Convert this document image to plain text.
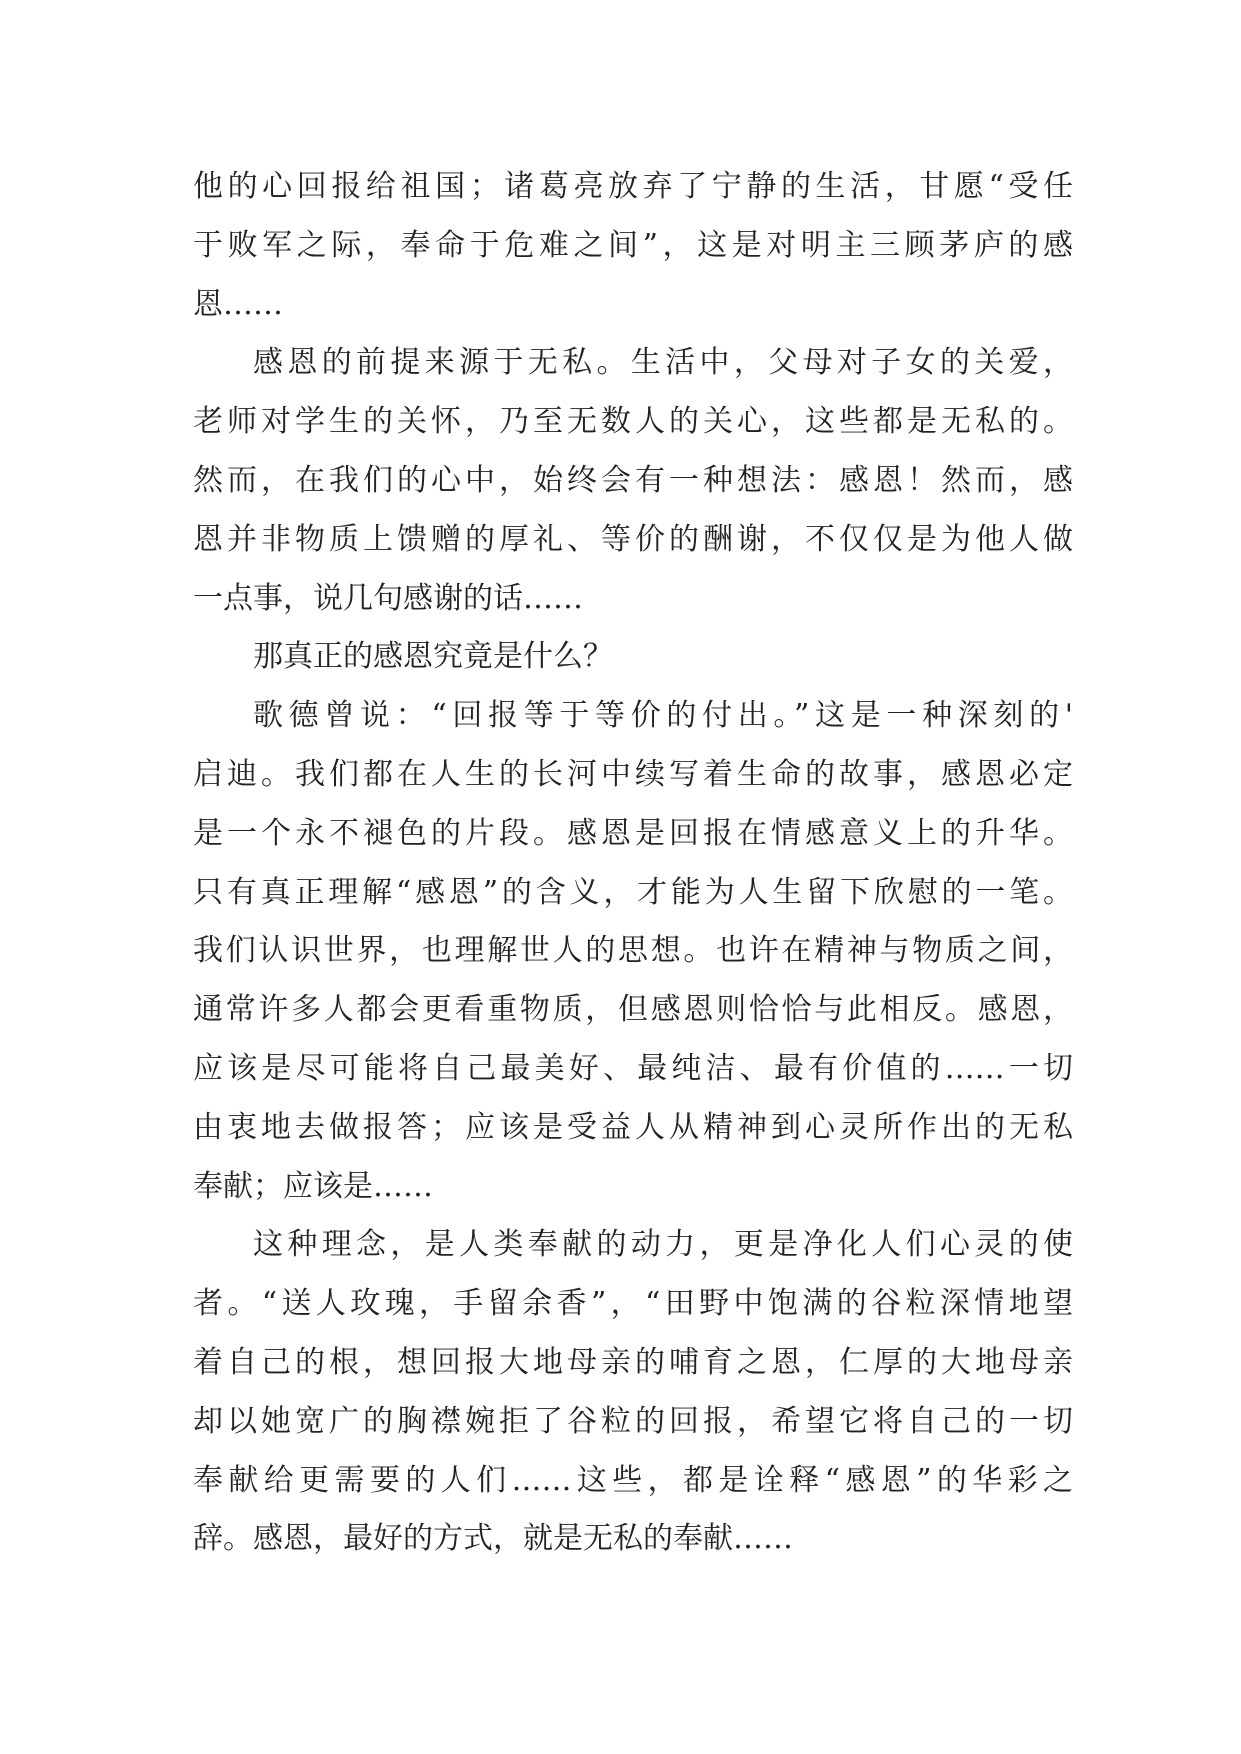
他的心回报给祖国；诸葛亮放弃了宁静的生活，甘愿“受任
于败军之际，奉命于危难之间”，这是对明主三顾茅庐的感
恩……
感恩的前提来源于无私。生活中，父母对子女的关爱，
老师对学生的关怀，乃至无数人的关心，这些都是无私的。
然而，在我们的心中，始终会有一种想法：感恩！然而，感
恩并非物质上馈赠的厚礼、等价的酬谢，不仅仅是为他人做
一点事，说几句感谢的话……
那真正的感恩究竟是什么？
歌德曾说：“回报等于等价的付出。”这是一种深刻的'
启迪。我们都在人生的长河中续写着生命的故事，感恩必定
是一个永不褪色的片段。感恩是回报在情感意义上的升华。
只有真正理解“感恩”的含义，才能为人生留下欣慰的一笔。
我们认识世界，也理解世人的思想。也许在精神与物质之间，
通常许多人都会更看重物质，但感恩则恰恰与此相反。感恩，
应该是尽可能将自己最美好、最纯洁、最有价值的……一切
由衷地去做报答；应该是受益人从精神到心灵所作出的无私
奉献；应该是……
这种理念，是人类奉献的动力，更是净化人们心灵的使
者。“送人玫瑰，手留余香”，“田野中饱满的谷粒深情地望
着自己的根，想回报大地母亲的哺育之恩，仁厚的大地母亲
却以她宽广的胸襟婉拒了谷粒的回报，希望它将自己的一切
奉献给更需要的人们……这些，都是诠释“感恩”的华彩之
辞。感恩，最好的方式，就是无私的奉献……
